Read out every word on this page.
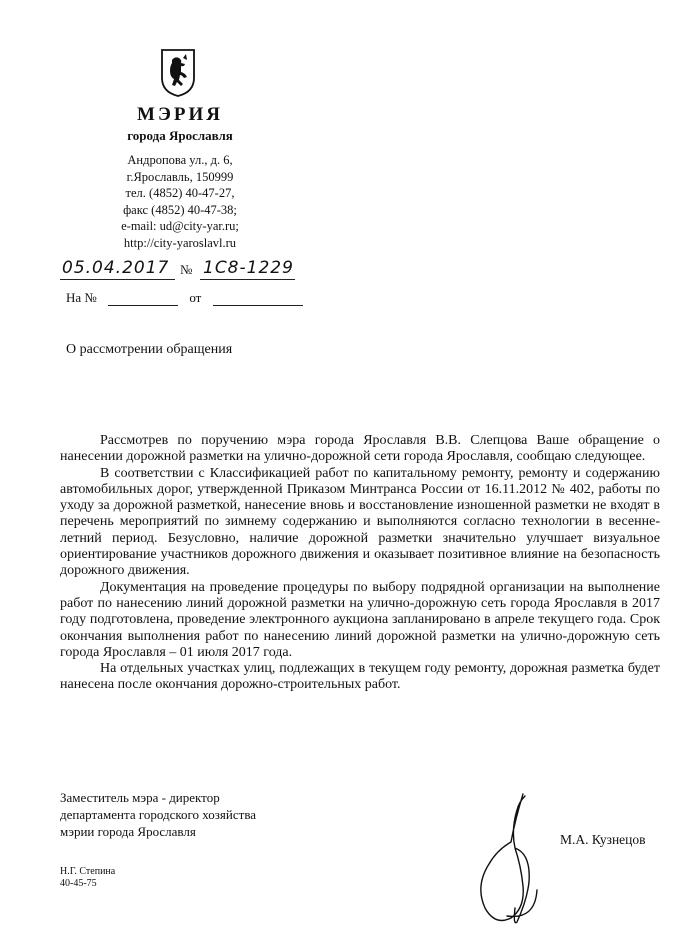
МЭРИЯ
города Ярославля
Андропова ул., д. 6,
г.Ярославль, 150999
тел. (4852) 40-47-27,
факс (4852) 40-47-38;
e-mail: ud@city-yar.ru;
http://city-yaroslavl.ru
05.04.2017 № 1С8-1229
На №	от
О рассмотрении обращения

Рассмотрев по поручению мэра города Ярославля В.В. Слепцова Ваше обращение о нанесении дорожной разметки на улично-дорожной сети города Ярославля, сообщаю следующее.

В соответствии с Классификацией работ по капитальному ремонту, ремонту и содержанию автомобильных дорог, утвержденной Приказом Минтранса России от 16.11.2012 № 402, работы по уходу за дорожной разметкой, нанесение вновь и восстановление изношенной разметки не входят в перечень мероприятий по зимнему содержанию и выполняются согласно технологии в весенне-летний период. Безусловно, наличие дорожной разметки значительно улучшает визуальное ориентирование участников дорожного движения и оказывает позитивное влияние на безопасность дорожного движения.

Документация на проведение процедуры по выбору подрядной организации на выполнение работ по нанесению линий дорожной разметки на улично-дорожную сеть города Ярославля в 2017 году подготовлена, проведение электронного аукциона запланировано в апреле текущего года. Срок окончания выполнения работ по нанесению линий дорожной разметки на улично-дорожную сеть города Ярославля – 01 июля 2017 года.

На отдельных участках улиц, подлежащих в текущем году ремонту, дорожная разметка будет нанесена после окончания дорожно-строительных работ.

Заместитель мэра - директор
департамента городского хозяйства
мэрии города Ярославля
М.А. Кузнецов
Н.Г. Степина
40-45-75
